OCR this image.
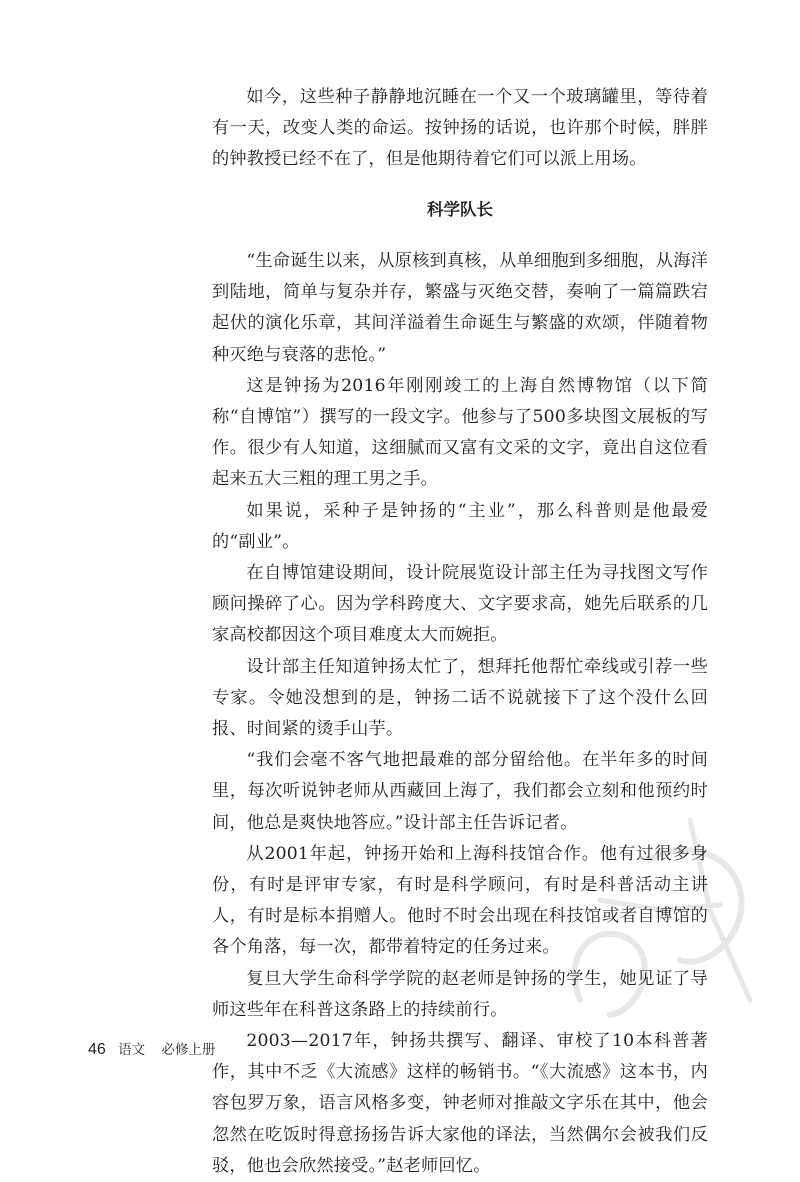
如今，这些种子静静地沉睡在一个又一个玻璃罐里，等待着有一天，改变人类的命运。按钟扬的话说，也许那个时候，胖胖的钟教授已经不在了，但是他期待着它们可以派上用场。

科学队长

“生命诞生以来，从原核到真核，从单细胞到多细胞，从海洋到陆地，简单与复杂并存，繁盛与灭绝交替，奏响了一篇篇跌宕起伏的演化乐章，其间洋溢着生命诞生与繁盛的欢颂，伴随着物种灭绝与衰落的悲怆。”

这是钟扬为2016年刚刚竣工的上海自然博物馆（以下简称“自博馆”）撰写的一段文字。他参与了500多块图文展板的写作。很少有人知道，这细腻而又富有文采的文字，竟出自这位看起来五大三粗的理工男之手。

如果说，采种子是钟扬的“主业”，那么科普则是他最爱的“副业”。

在自博馆建设期间，设计院展览设计部主任为寻找图文写作顾问操碎了心。因为学科跨度大、文字要求高，她先后联系的几家高校都因这个项目难度太大而婉拒。

设计部主任知道钟扬太忙了，想拜托他帮忙牵线或引荐一些专家。令她没想到的是，钟扬二话不说就接下了这个没什么回报、时间紧的烫手山芋。

“我们会毫不客气地把最难的部分留给他。在半年多的时间里，每次听说钟老师从西藏回上海了，我们都会立刻和他预约时间，他总是爽快地答应。”设计部主任告诉记者。

从2001年起，钟扬开始和上海科技馆合作。他有过很多身份，有时是评审专家，有时是科学顾问，有时是科普活动主讲人，有时是标本捐赠人。他时不时会出现在科技馆或者自博馆的各个角落，每一次，都带着特定的任务过来。

复旦大学生命科学学院的赵老师是钟扬的学生，她见证了导师这些年在科普这条路上的持续前行。

2003—2017年，钟扬共撰写、翻译、审校了10本科普著作，其中不乏《大流感》这样的畅销书。“《大流感》这本书，内容包罗万象，语言风格多变，钟老师对推敲文字乐在其中，他会忽然在吃饭时得意扬扬告诉大家他的译法，当然偶尔会被我们反驳，他也会欣然接受。”赵老师回忆。

46 语文 必修上册
